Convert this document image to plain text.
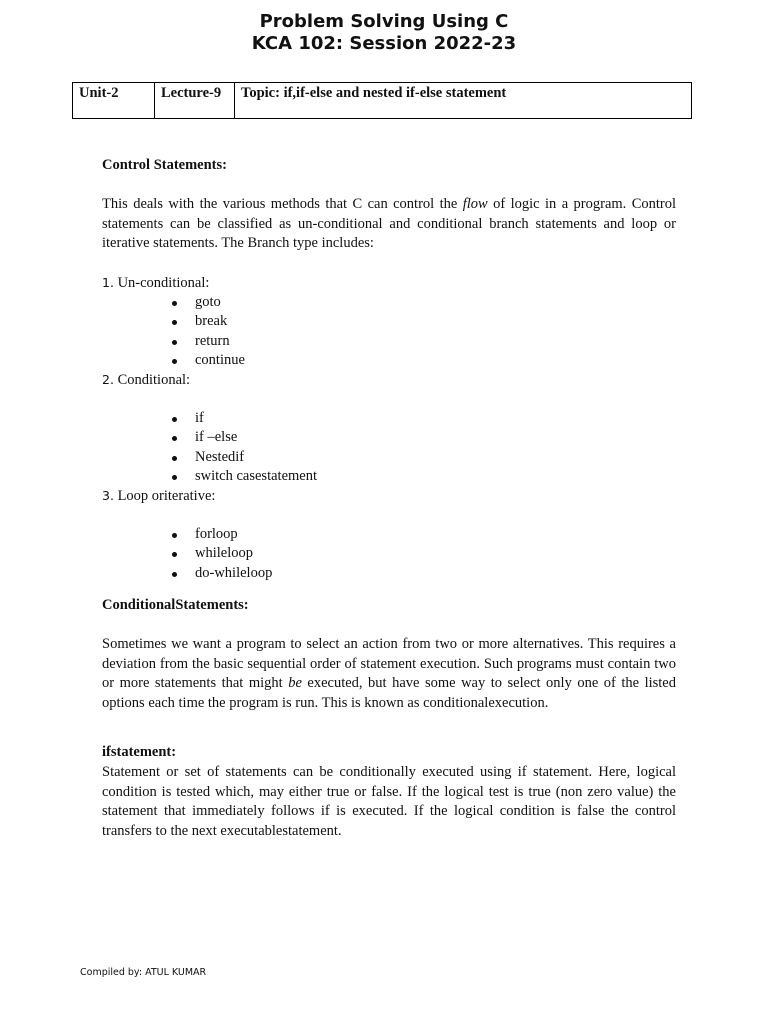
Problem Solving Using C
KCA 102: Session 2022-23
Unit-2	Lecture-9	Topic: if,if-else and nested if-else statement
Control Statements:
This deals with the various methods that C can control the flow of logic in a program. Control statements can be classified as un-conditional and conditional branch statements and loop or iterative statements. The Branch type includes:
1. Un-conditional:
goto
break
return
continue
2. Conditional:
if
if –else
Nestedif
switch casestatement
3. Loop oriterative:
forloop
whileloop
do-whileloop
ConditionalStatements:
Sometimes we want a program to select an action from two or more alternatives. This requires a deviation from the basic sequential order of statement execution. Such programs must contain two or more statements that might be executed, but have some way to select only one of the listed options each time the program is run. This is known as conditionalexecution.
ifstatement:
Statement or set of statements can be conditionally executed using if statement. Here, logical condition is tested which, may either true or false. If the logical test is true (non zero value) the statement that immediately follows if is executed. If the logical condition is false the control transfers to the next executablestatement.
Compiled by: ATUL KUMAR
